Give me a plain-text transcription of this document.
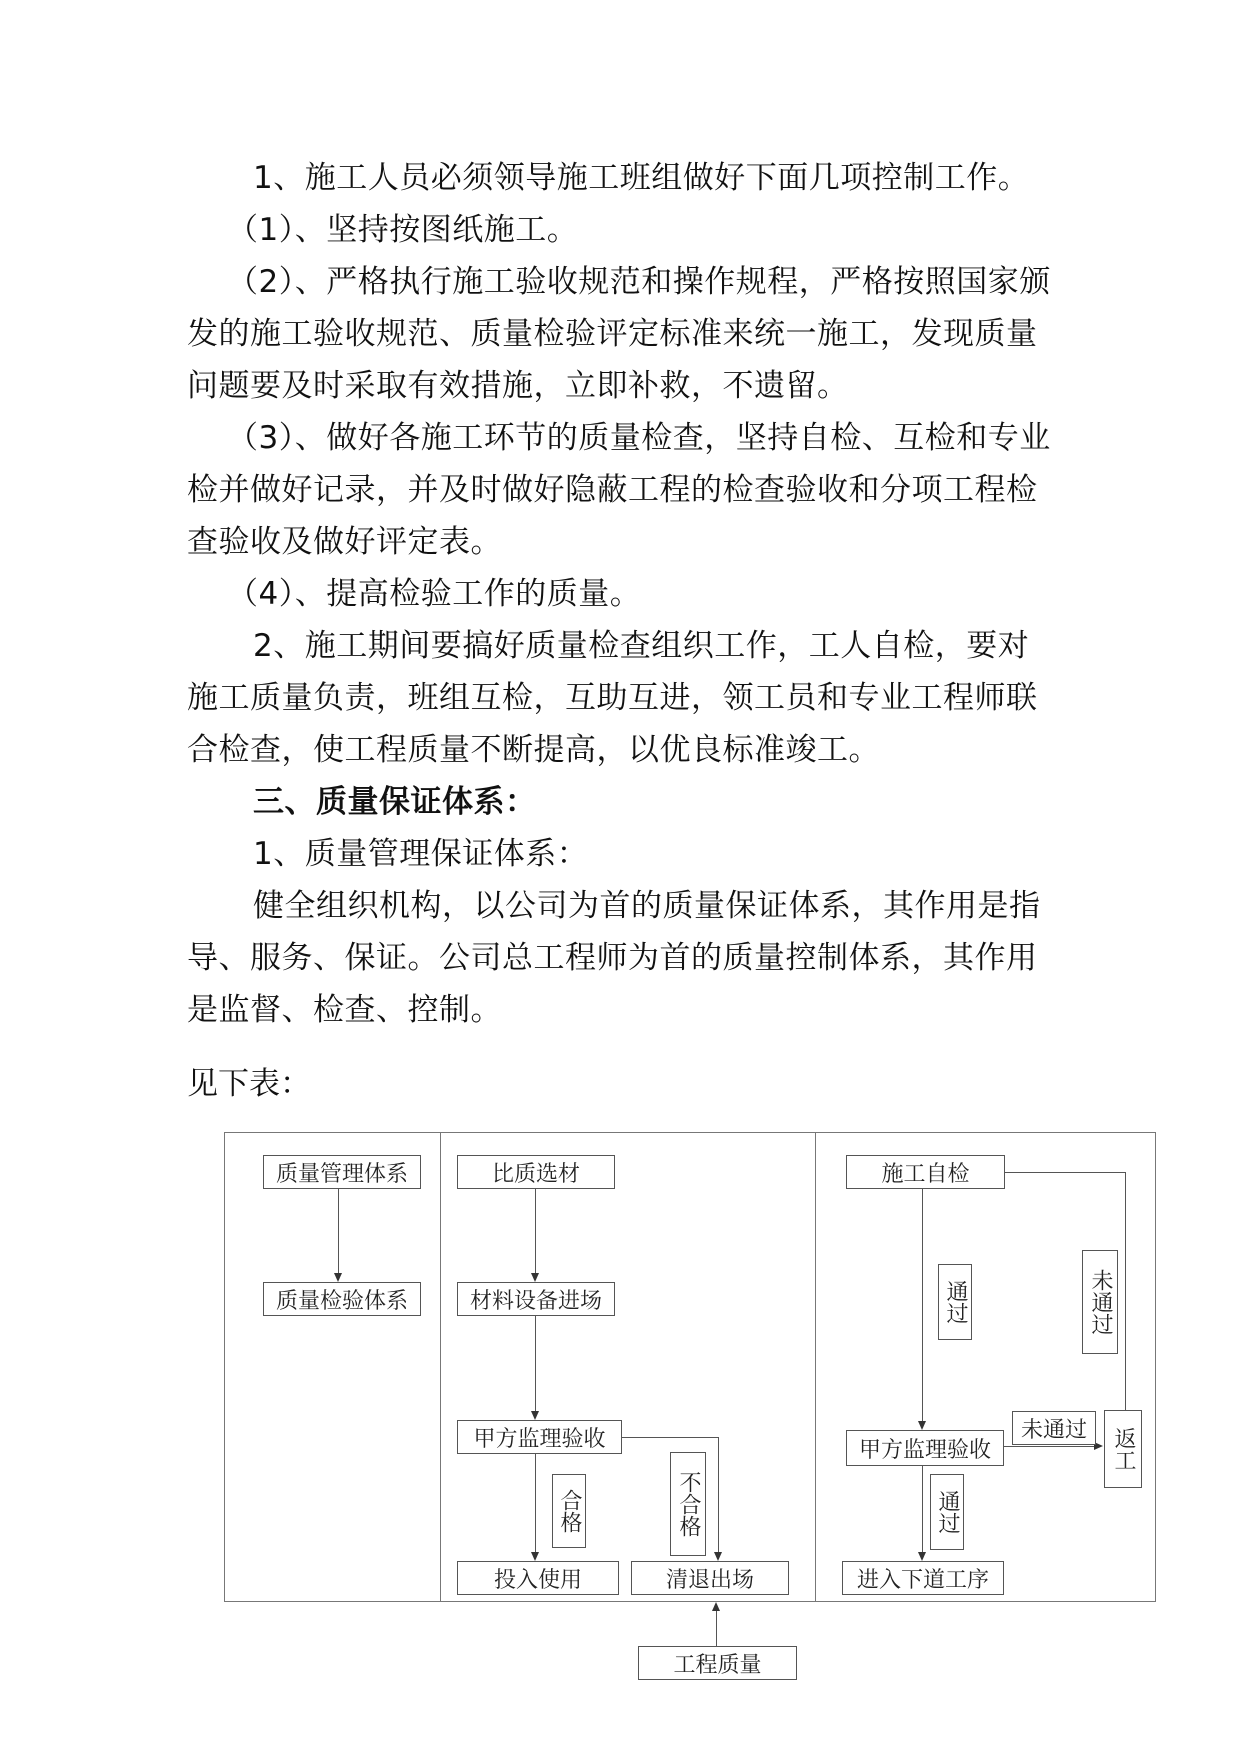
1、施工人员必须领导施工班组做好下面几项控制工作。
（1）、坚持按图纸施工。
（2）、严格执行施工验收规范和操作规程，严格按照国家颁
发的施工验收规范、质量检验评定标准来统一施工，发现质量
问题要及时采取有效措施，立即补救，不遗留。
（3）、做好各施工环节的质量检查，坚持自检、互检和专业
检并做好记录，并及时做好隐蔽工程的检查验收和分项工程检
查验收及做好评定表。
（4）、提高检验工作的质量。
2、施工期间要搞好质量检查组织工作，工人自检，要对
施工质量负责，班组互检，互助互进，领工员和专业工程师联
合检查，使工程质量不断提高，以优良标准竣工。
三、质量保证体系：
1、质量管理保证体系：
健全组织机构，以公司为首的质量保证体系，其作用是指
导、服务、保证。公司总工程师为首的质量控制体系，其作用
是监督、检查、控制。
见下表：
质量管理体系
质量检验体系
比质选材
材料设备进场
甲方监理验收
合格	不合格
投入使用	清退出场
施工自检
通过	未通过
甲方监理验收
未通过	返工
通过
进入下道工序
工程质量
